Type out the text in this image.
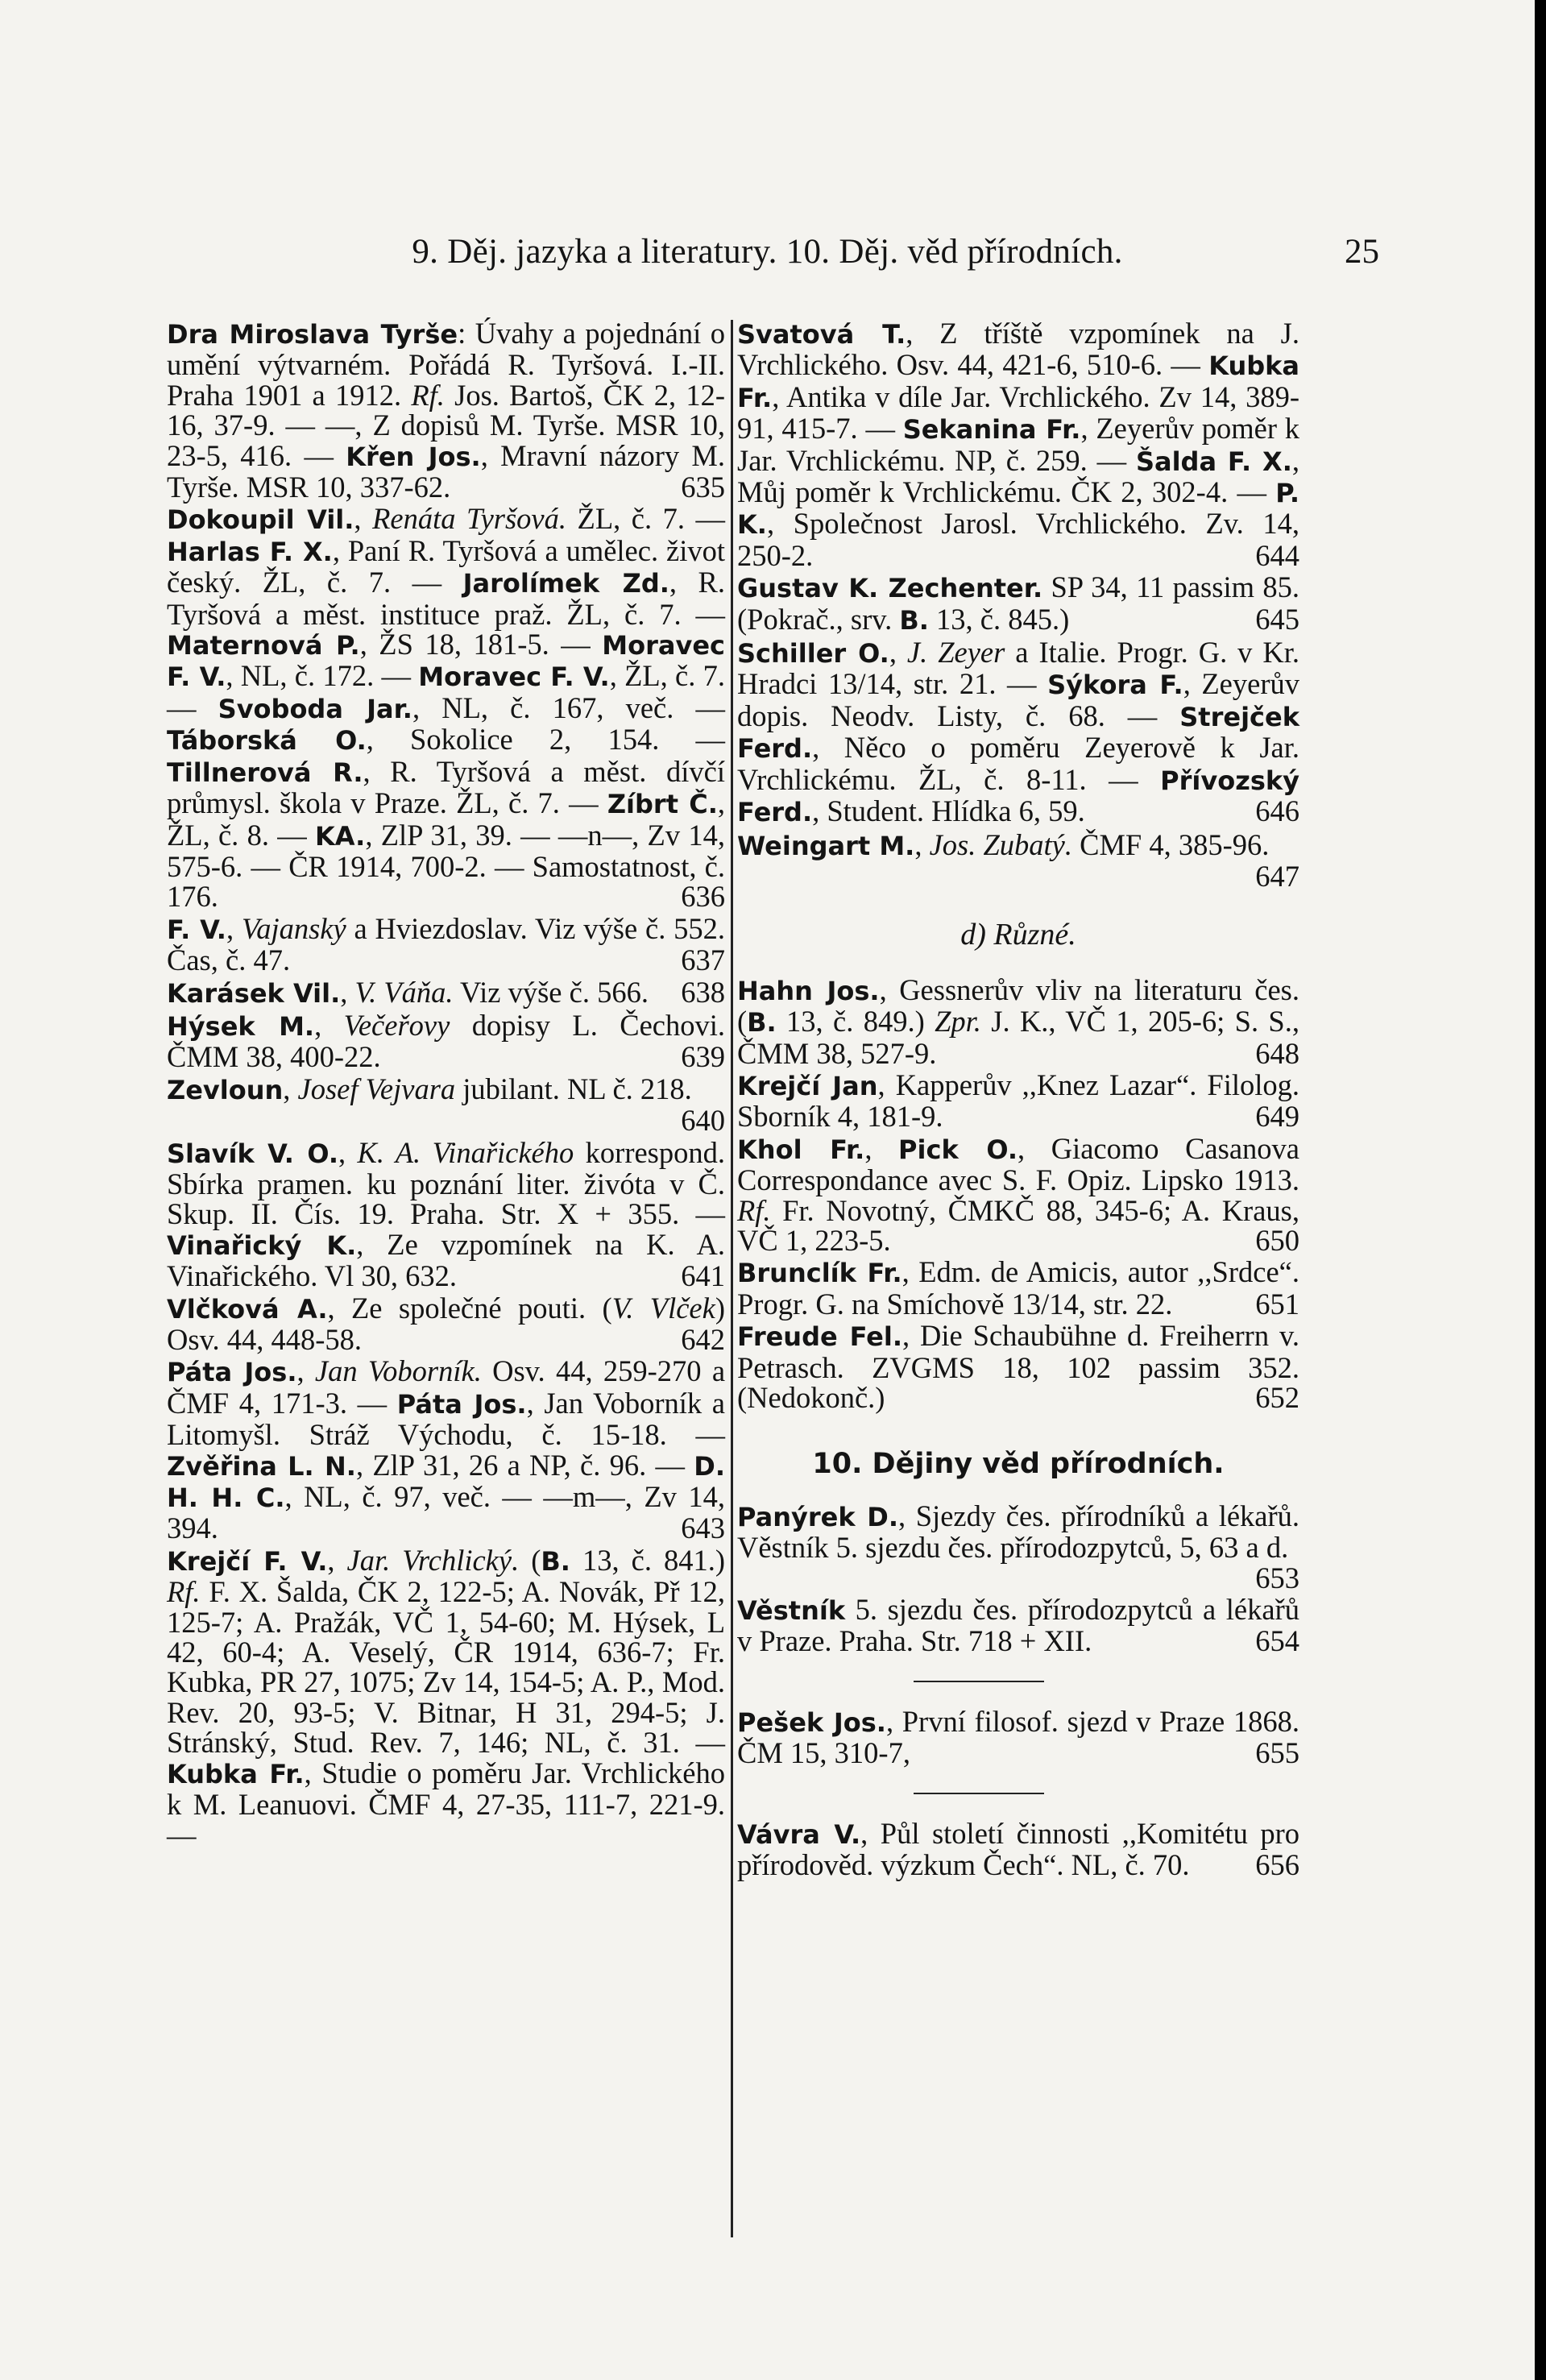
9. Děj. jazyka a literatury. 10. Děj. věd přírodních.	25
Dra Miroslava Tyrše: Úvahy a pojednání o umění výtvarném. Pořádá R. Tyršová. I.-II. Praha 1901 a 1912. Rf. Jos. Bartoš, ČK 2, 12-16, 37-9. — —, Z dopisů M. Tyrše. MSR 10, 23-5, 416. — Křen Jos., Mravní názory M. Tyrše. MSR 10, 337-62.	635
Dokoupil Vil., Renáta Tyršová. ŽL, č. 7. — Harlas F. X., Paní R. Tyršová a umělec. život český. ŽL, č. 7. — Jarolímek Zd., R. Tyršová a měst. instituce praž. ŽL, č. 7. — Maternová P., ŽS 18, 181-5. — Moravec F. V., NL, č. 172. — Moravec F. V., ŽL, č. 7. — Svoboda Jar., NL, č. 167, več. — Táborská O., Sokolice 2, 154. — Tillnerová R., R. Tyršová a měst. dívčí průmysl. škola v Praze. ŽL, č. 7. — Zíbrt Č., ŽL, č. 8. — KA., ZlP 31, 39. — —n—, Zv 14, 575-6. — ČR 1914, 700-2. — Samostatnost, č. 176.	636
F. V., Vajanský a Hviezdoslav. Viz výše č. 552. Čas, č. 47.	637
Karásek Vil., V. Váňa. Viz výše č. 566. 638
Hýsek M., Večeřovy dopisy L. Čechovi. ČMM 38, 400-22.	639
Zevloun, Josef Vejvara jubilant. NL č. 218.
640
Slavík V. O., K. A. Vinařického korrespond. Sbírka pramen. ku poznání liter. živóta v Č. Skup. II. Čís. 19. Praha. Str. X + 355. — Vinařický K., Ze vzpomínek na K. A. Vinařického. Vl 30, 632.	641
Vlčková A., Ze společné pouti. (V. Vlček) Osv. 44, 448-58.	642
Páta Jos., Jan Voborník. Osv. 44, 259-270 a ČMF 4, 171-3. — Páta Jos., Jan Voborník a Litomyšl. Stráž Východu, č. 15-18. — Zvěřina L. N., ZlP 31, 26 a NP, č. 96. — D. H. H. C., NL, č. 97, več. — —m—, Zv 14, 394.	643
Krejčí F. V., Jar. Vrchlický. (B. 13, č. 841.) Rf. F. X. Šalda, ČK 2, 122-5; A. Novák, Př 12, 125-7; A. Pražák, VČ 1, 54-60; M. Hýsek, L 42, 60-4; A. Veselý, ČR 1914, 636-7; Fr. Kubka, PR 27, 1075; Zv 14, 154-5; A. P., Mod. Rev. 20, 93-5; V. Bitnar, H 31, 294-5; J. Stránský, Stud. Rev. 7, 146; NL, č. 31. — Kubka Fr., Studie o poměru Jar. Vrchlického k M. Leanuovi. ČMF 4, 27-35, 111-7, 221-9. —
Svatová T., Z tříště vzpomínek na J. Vrchlického. Osv. 44, 421-6, 510-6. — Kubka Fr., Antika v díle Jar. Vrchlického. Zv 14, 389-91, 415-7. — Sekanina Fr., Zeyerův poměr k Jar. Vrchlickému. NP, č. 259. — Šalda F. X., Můj poměr k Vrchlickému. ČK 2, 302-4. — P. K., Společnost Jarosl. Vrchlického. Zv. 14, 250-2.	644
Gustav K. Zechenter. SP 34, 11 passim 85. (Pokrač., srv. B. 13, č. 845.)	645
Schiller O., J. Zeyer a Italie. Progr. G. v Kr. Hradci 13/14, str. 21. — Sýkora F., Zeyerův dopis. Neodv. Listy, č. 68. — Strejček Ferd., Něco o poměru Zeyerově k Jar. Vrchlickému. ŽL, č. 8-11. — Přívozský Ferd., Student. Hlídka 6, 59.	646
Weingart M., Jos. Zubatý. ČMF 4, 385-96.
647
d) Různé.
Hahn Jos., Gessnerův vliv na literaturu čes. (B. 13, č. 849.) Zpr. J. K., VČ 1, 205-6; S. S., ČMM 38, 527-9.	648
Krejčí Jan, Kapperův ,,Knez Lazar“. Filolog. Sborník 4, 181-9.	649
Khol Fr., Pick O., Giacomo Casanova Correspondance avec S. F. Opiz. Lipsko 1913. Rf. Fr. Novotný, ČMKČ 88, 345-6; A. Kraus, VČ 1, 223-5.	650
Brunclík Fr., Edm. de Amicis, autor ,,Srdce“. Progr. G. na Smíchově 13/14, str. 22.	651
Freude Fel., Die Schaubühne d. Freiherrn v. Petrasch. ZVGMS 18, 102 passim 352. (Nedokonč.)	652
10. Dějiny věd přírodních.
Panýrek D., Sjezdy čes. přírodníků a lékařů. Věstník 5. sjezdu čes. přírodozpytců, 5, 63 a d.
653
Věstník 5. sjezdu čes. přírodozpytců a lékařů v Praze. Praha. Str. 718 + XII.	654
Pešek Jos., První filosof. sjezd v Praze 1868. ČM 15, 310-7,	655
Vávra V., Půl století činnosti ,,Komitétu pro přírodověd. výzkum Čech“. NL, č. 70. 656
